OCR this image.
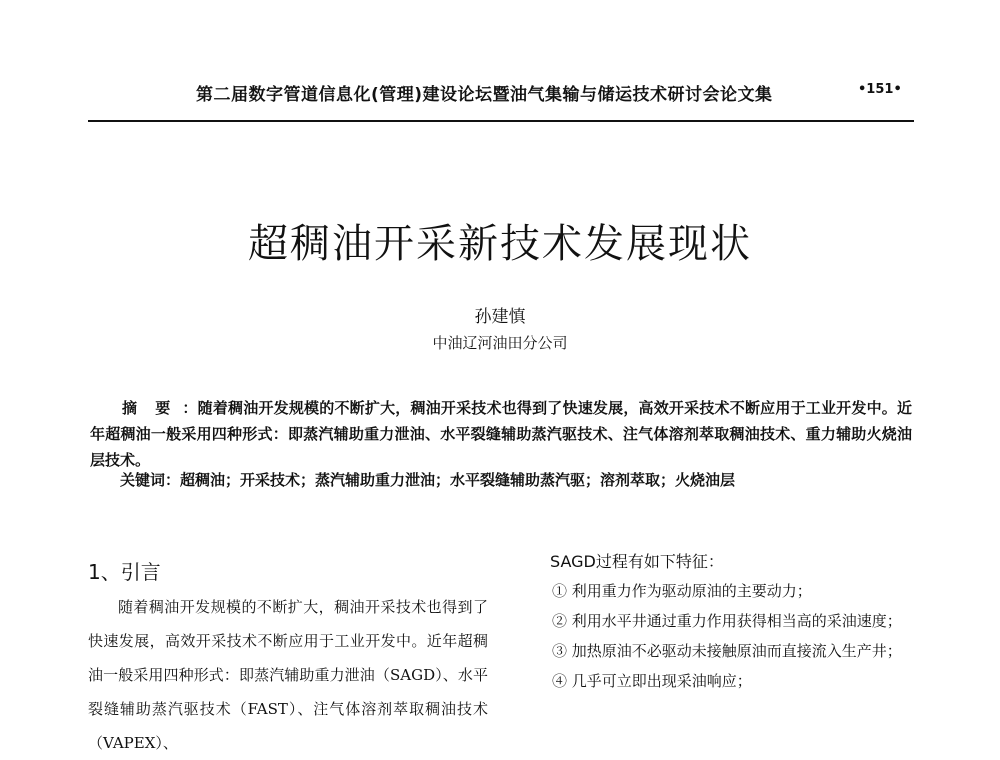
第二届数字管道信息化(管理)建设论坛暨油气集输与储运技术研讨会论文集	•151•
超稠油开采新技术发展现状
孙建慎
中油辽河油田分公司
摘要：随着稠油开发规模的不断扩大，稠油开采技术也得到了快速发展，高效开采技术不断应用于工业开发中。近年超稠油一般采用四种形式：即蒸汽辅助重力泄油、水平裂缝辅助蒸汽驱技术、注气体溶剂萃取稠油技术、重力辅助火烧油层技术。
关键词：超稠油；开采技术；蒸汽辅助重力泄油；水平裂缝辅助蒸汽驱；溶剂萃取；火烧油层
1、引言
随着稠油开发规模的不断扩大，稠油开采技术也得到了快速发展，高效开采技术不断应用于工业开发中。近年超稠油一般采用四种形式：即蒸汽辅助重力泄油（SAGD）、水平裂缝辅助蒸汽驱技术（FAST）、注气体溶剂萃取稠油技术（VAPEX）、
SAGD过程有如下特征：

① 利用重力作为驱动原油的主要动力；

② 利用水平井通过重力作用获得相当高的采油速度；

③ 加热原油不必驱动未接触原油而直接流入生产井；

④ 几乎可立即出现采油响应；
